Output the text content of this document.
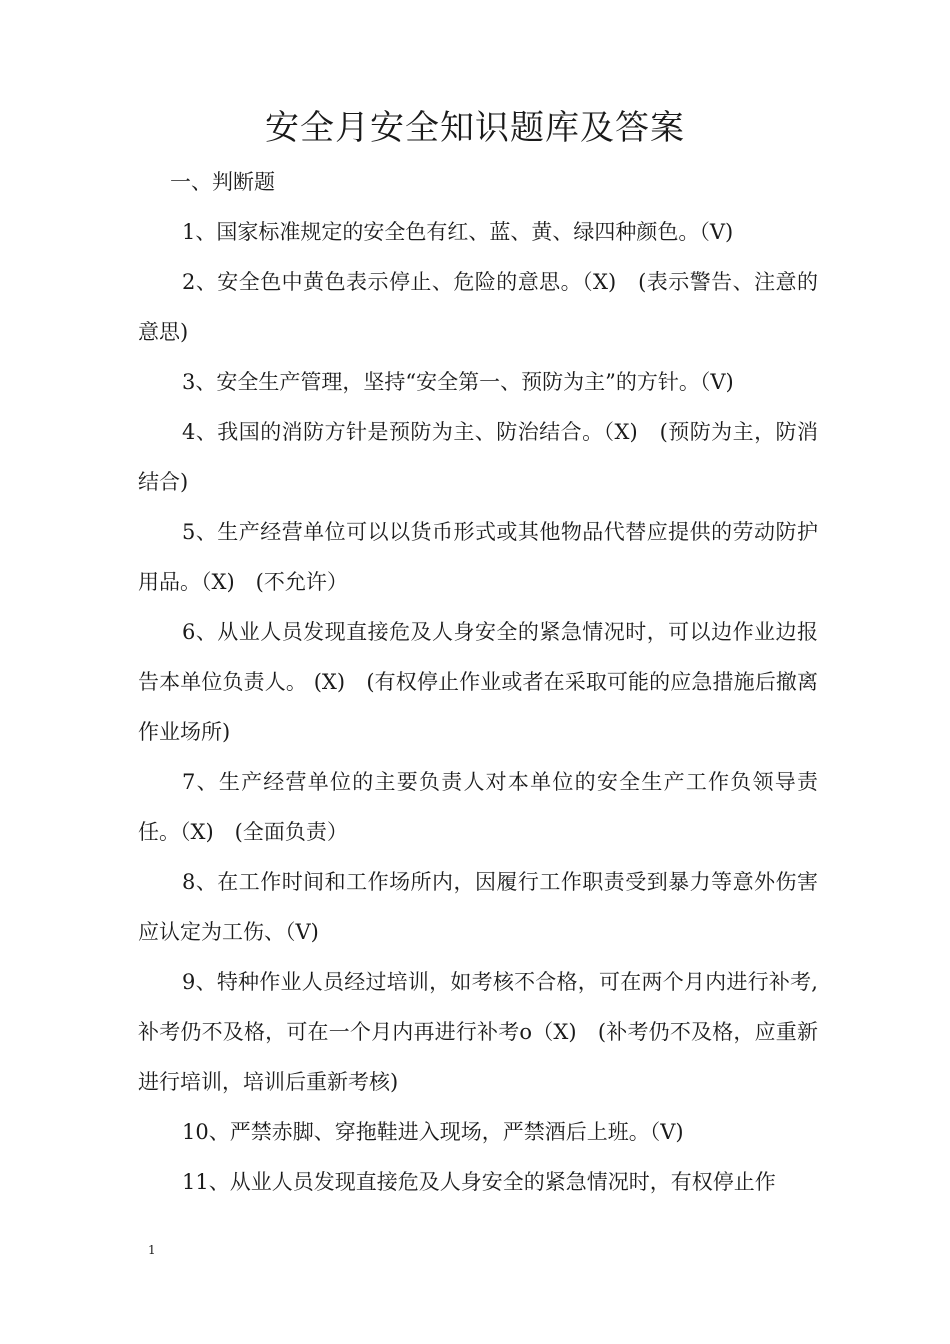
安全月安全知识题库及答案

一、判断题

1、国家标准规定的安全色有红、蓝、黄、绿四种颜色。（V)

2、安全色中黄色表示停止、危险的意思。（X)　(表示警告、注意的意思)

3、安全生产管理，坚持“安全第一、预防为主”的方针。（V)

4、我国的消防方针是预防为主、防治结合。（X)　(预防为主，防消结合)

5、生产经营单位可以以货币形式或其他物品代替应提供的劳动防护用品。（X)　(不允许）

6、从业人员发现直接危及人身安全的紧急情况时，可以边作业边报告本单位负责人。 (X)　(有权停止作业或者在采取可能的应急措施后撤离作业场所)

7、生产经营单位的主要负责人对本单位的安全生产工作负领导责任。（X)　(全面负责）

8、在工作时间和工作场所内，因履行工作职责受到暴力等意外伤害应认定为工伤、（V)

9、特种作业人员经过培训，如考核不合格，可在两个月内进行补考,补考仍不及格，可在一个月内再进行补考o（X)　(补考仍不及格，应重新进行培训，培训后重新考核)

10、严禁赤脚、穿拖鞋进入现场，严禁酒后上班。（V)

11、从业人员发现直接危及人身安全的紧急情况时，有权停止作

1
